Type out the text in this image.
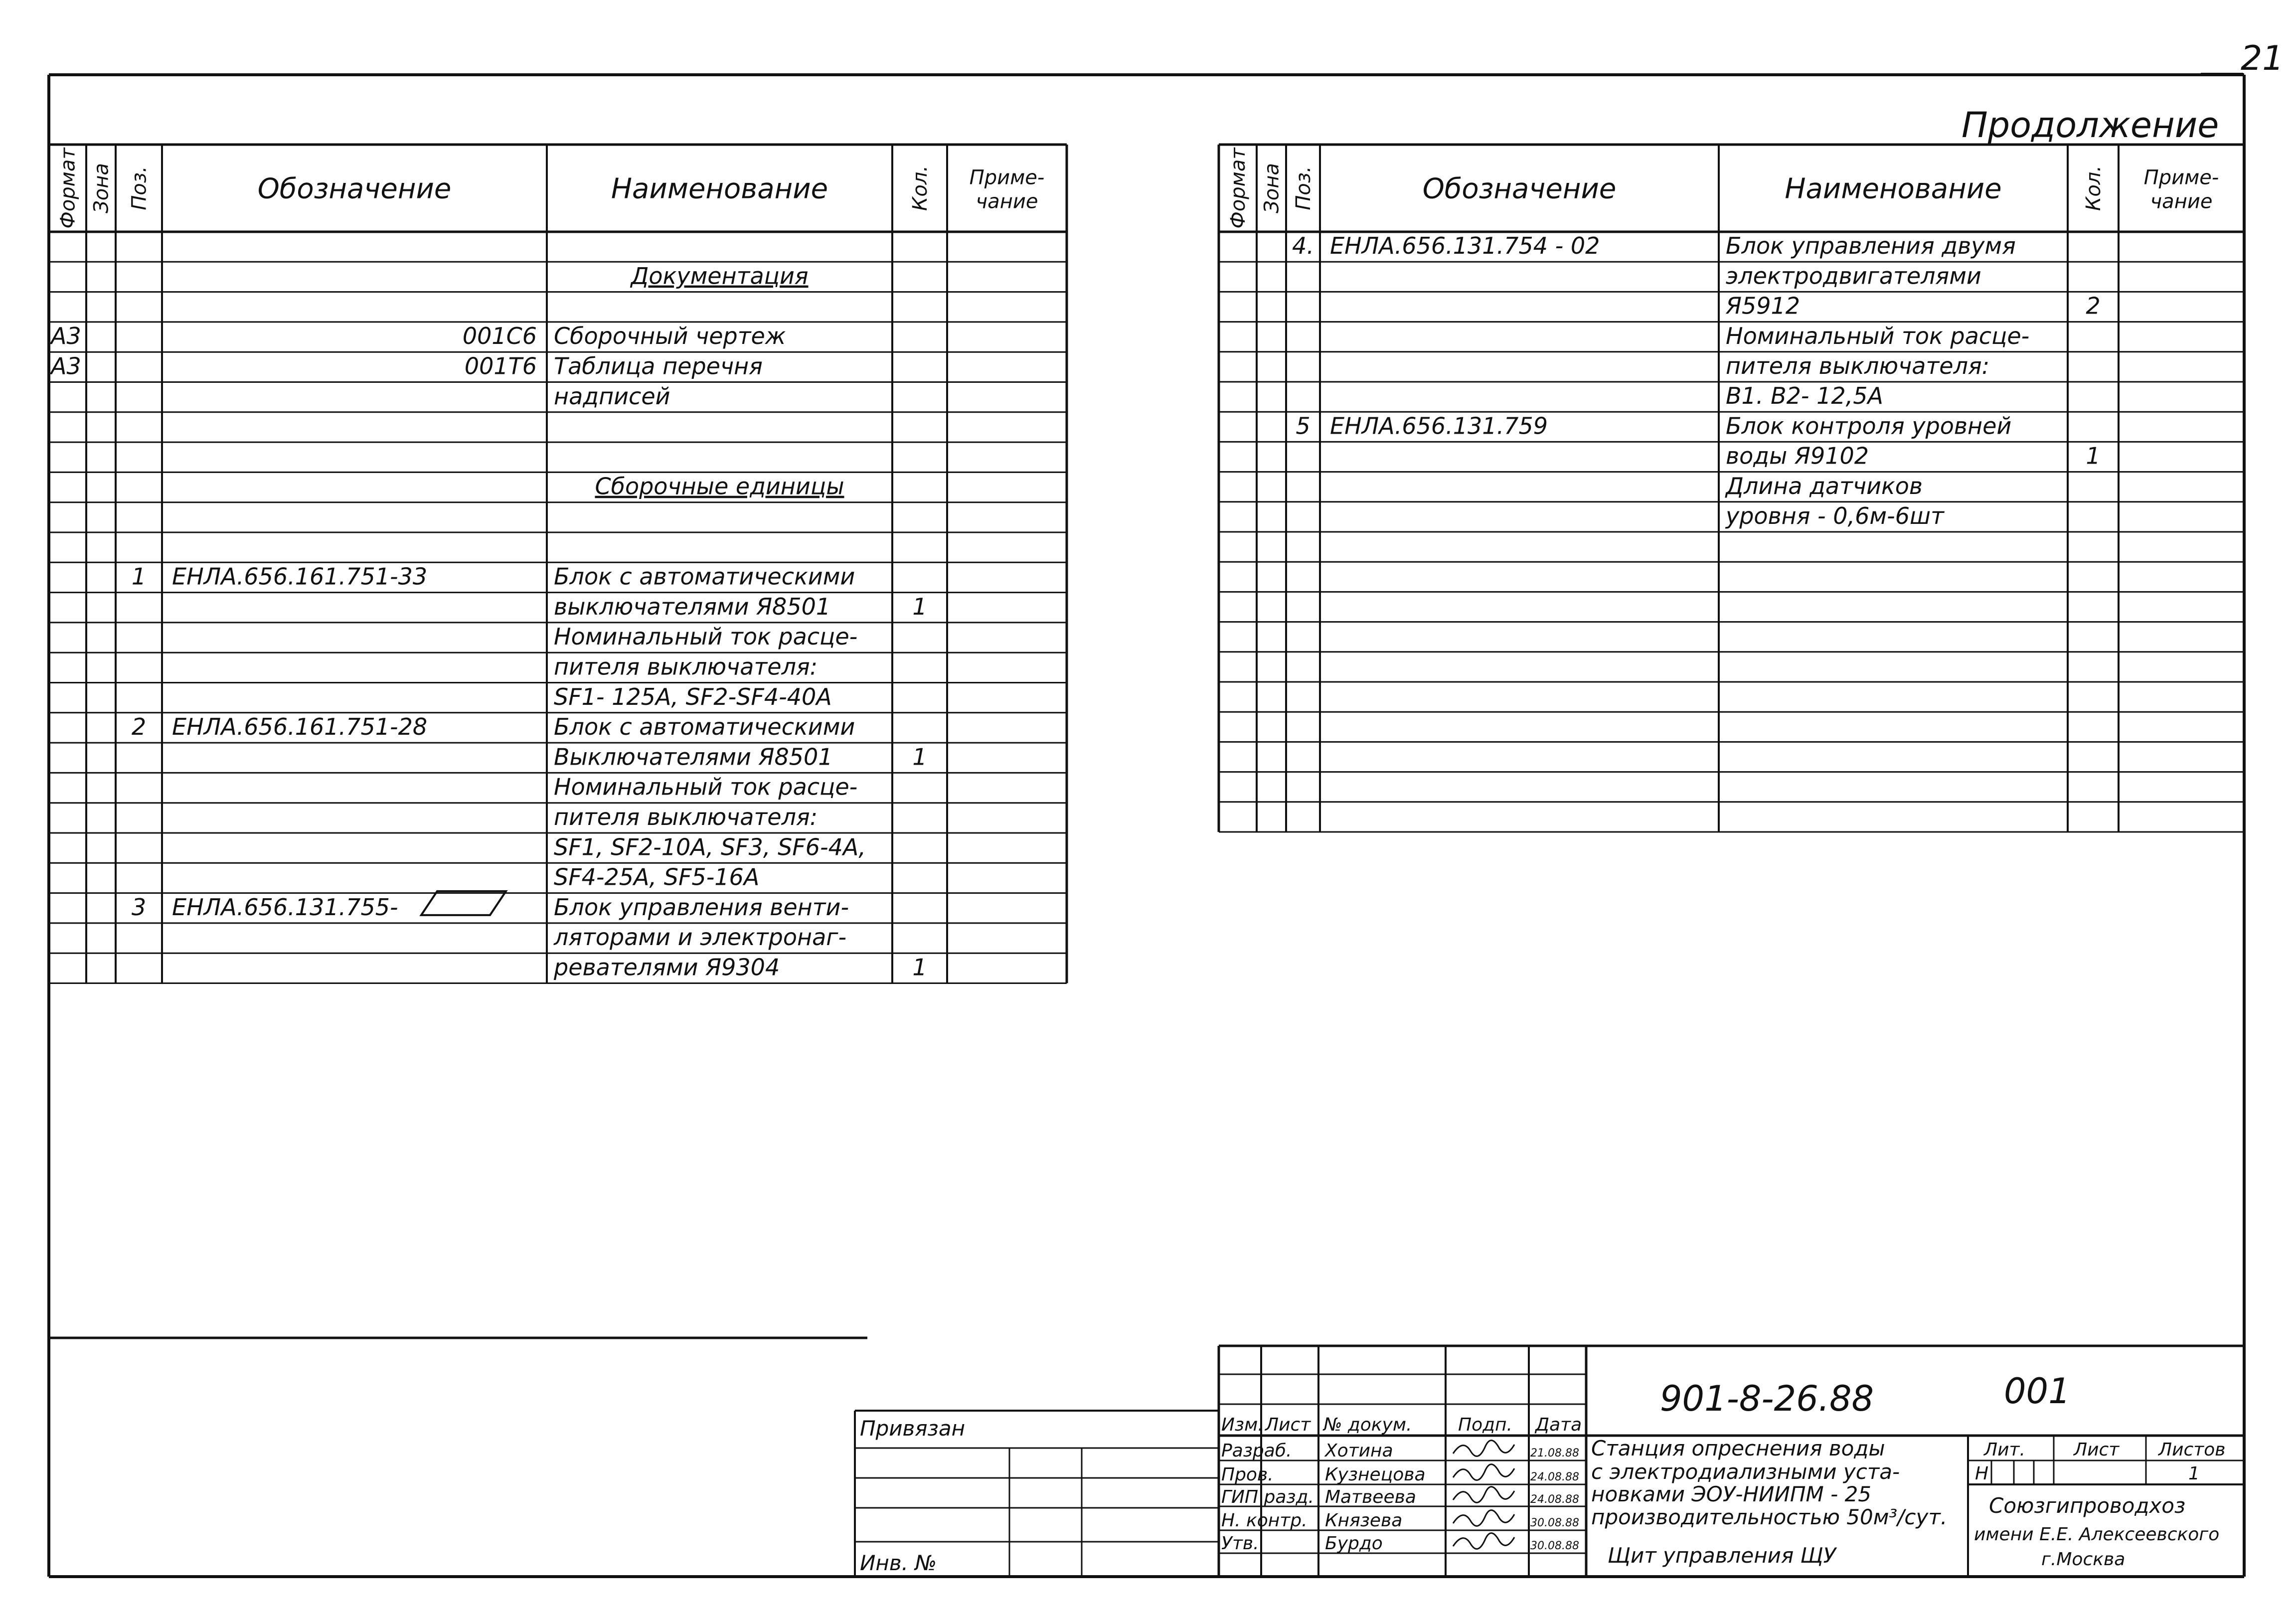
21
Продолжение
Формат Зона Поз.	Обозначение	Наименование	Кол. Приме-
чание
Документация
А3	001С6 Сборочный чертеж
А3	001Т6 Таблица перечня
надписей
Сборочные единицы
1 ЕНЛА.656.161.751-33	Блок с автоматическими
выключателями Я8501	1
Номинальный ток расце-
пителя выключателя:
SF1- 125А, SF2-SF4-40А
2 ЕНЛА.656.161.751-28	Блок с автоматическими
Выключателями Я8501	1
Номинальный ток расце-
пителя выключателя:
SF1, SF2-10А, SF3, SF6-4А,
SF4-25А, SF5-16А
3 ЕНЛА.656.131.755-	Блок управления венти-
ляторами и электронаг-
ревателями Я9304	1
Формат Зона Поз.	Обозначение	Наименование	Кол. Приме-
чание
4. ЕНЛА.656.131.754 - 02	Блок управления двумя
электродвигателями
Я5912	2
Номинальный ток расце-
пителя выключателя:
В1. В2- 12,5А
5 ЕНЛА.656.131.759	Блок контроля уровней
воды Я9102	1
Длина датчиков
уровня - 0,6м-6шт
901-8-26.88	001
Привязан
Инв. №
Изм. Лист № докум.	Подп. Дата
Разраб. Хотина	21.08.88
Пров.	Кузнецова	24.08.88
ГИП разд. Матвеева	24.08.88
Н. контр. Князева	30.08.88
Утв.	Бурдо	30.08.88
Станция опреснения воды
с электродиализными уста-
новками ЭОУ-НИИПМ - 25
производительностью 50м³/сут.
Щит управления ЩУ
Лит.	Лист Листов
Н	1
Союзгипроводхоз
имени Е.Е. Алексеевского
г.Москва
